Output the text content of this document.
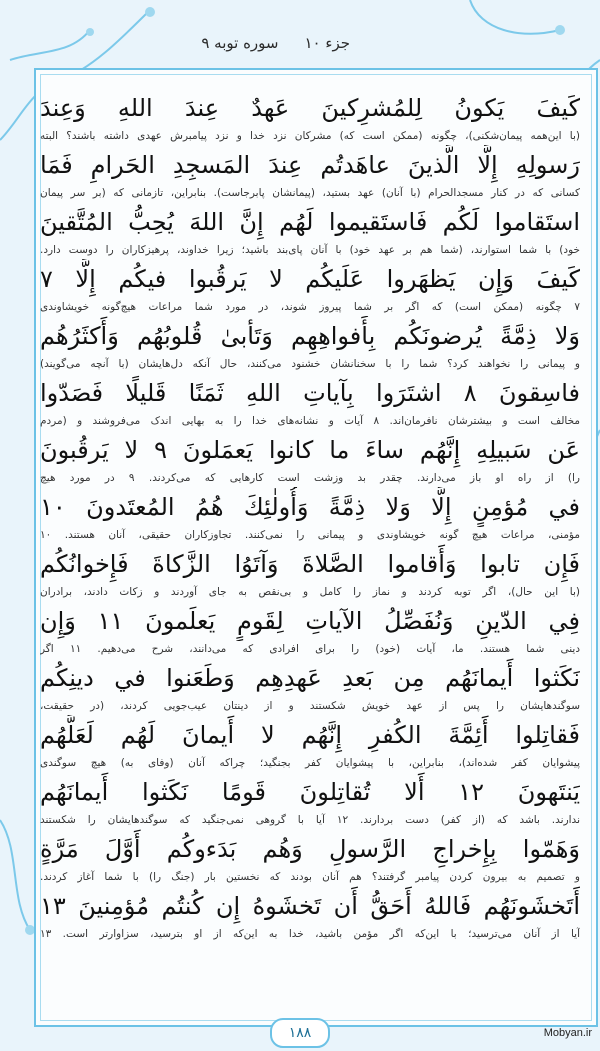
جزء ۱۰
سوره توبه ۹
كَيفَ يَكونُ لِلمُشرِكينَ عَهدٌ عِندَ اللهِ وَعِندَ
(با این‌همه پیمان‌شکنی)، چگونه (ممکن است که) مشرکان نزد خدا و نزد پیامبرش عهدی داشته باشند؟ البته
رَسولِهِ إِلَّا الَّذينَ عاهَدتُم عِندَ المَسجِدِ الحَرامِ فَمَا
کسانی که در کنار مسجدالحرام (با آنان) عهد بستید، (پیمانشان پابرجاست). بنابراین، تازمانی که (بر سر پیمان
استَقاموا لَكُم فَاستَقيموا لَهُم إِنَّ اللهَ يُحِبُّ المُتَّقينَ
خود) با شما استوارند، (شما هم بر عهد خود) با آنان پای‌بند باشید؛ زیرا خداوند، پرهیزکاران را دوست دارد.
كَيفَ وَإِن يَظهَروا عَلَيكُم لا يَرقُبوا فيكُم إِلًّا ٧
۷ چگونه (ممکن است) که اگر بر شما پیروز شوند، در مورد شما مراعات هیچ‌گونه خویشاوندی
وَلا ذِمَّةً يُرضونَكُم بِأَفواهِهِم وَتَأبىٰ قُلوبُهُم وَأَكثَرُهُم
و پیمانی را نخواهند کرد؟ شما را با سخنانشان خشنود می‌کنند، حال آنکه دل‌هایشان (با آنچه می‌گویند)
فاسِقونَ ٨ اشتَرَوا بِآياتِ اللهِ ثَمَنًا قَليلًا فَصَدّوا
مخالف است و بیشترشان نافرمان‌اند. ۸ آیات و نشانه‌های خدا را به بهایی اندک می‌فروشند و (مردم
عَن سَبيلِهِ إِنَّهُم ساءَ ما كانوا يَعمَلونَ ٩ لا يَرقُبونَ
را) از راه او باز می‌دارند. چقدر بد وزشت است کارهایی که می‌کردند. ۹ در مورد هیچ
في مُؤمِنٍ إِلًّا وَلا ذِمَّةً وَأُولٰئِكَ هُمُ المُعتَدونَ ١٠
مؤمنی، مراعات هیچ گونه خویشاوندی و پیمانی را نمی‌کنند. تجاوزکاران حقیقی، آنان هستند. ۱۰
فَإِن تابوا وَأَقاموا الصَّلاةَ وَآتَوُا الزَّكاةَ فَإِخوانُكُم
(با این حال)، اگر توبه کردند و نماز را کامل و بی‌نقص به جای آوردند و زکات دادند، برادران
فِي الدّينِ وَنُفَصِّلُ الآياتِ لِقَومٍ يَعلَمونَ ١١ وَإِن
دینی شما هستند. ما، آیات (خود) را برای افرادی که می‌دانند، شرح می‌دهیم. ۱۱ اگر
نَكَثوا أَيمانَهُم مِن بَعدِ عَهدِهِم وَطَعَنوا في دينِكُم
سوگندهایشان را پس از عهد خویش شکستند و از دینتان عیب‌جویی کردند، (در حقیقت،
فَقاتِلوا أَئِمَّةَ الكُفرِ إِنَّهُم لا أَيمانَ لَهُم لَعَلَّهُم
پیشوایان کفر شده‌اند)، بنابراین، با پیشوایان کفر بجنگید؛ چراکه آنان (وفای به) هیچ سوگندی
يَنتَهونَ ١٢ أَلا تُقاتِلونَ قَومًا نَكَثوا أَيمانَهُم
ندارند. باشد که (از کفر) دست بردارند. ۱۲ آیا با گروهی نمی‌جنگید که سوگندهایشان را شکستند
وَهَمّوا بِإِخراجِ الرَّسولِ وَهُم بَدَءوكُم أَوَّلَ مَرَّةٍ
و تصمیم به بیرون کردن پیامبر گرفتند؟ هم آنان بودند که نخستین بار (جنگ را) با شما آغاز کردند.
أَتَخشَونَهُم فَاللهُ أَحَقُّ أَن تَخشَوهُ إِن كُنتُم مُؤمِنينَ ١٣
آیا از آنان می‌ترسید؛ با این‌که اگر مؤمن باشید، خدا به این‌که از او بترسید، سزاوارتر است. ۱۳
۱۸۸	Mobyan.ir
